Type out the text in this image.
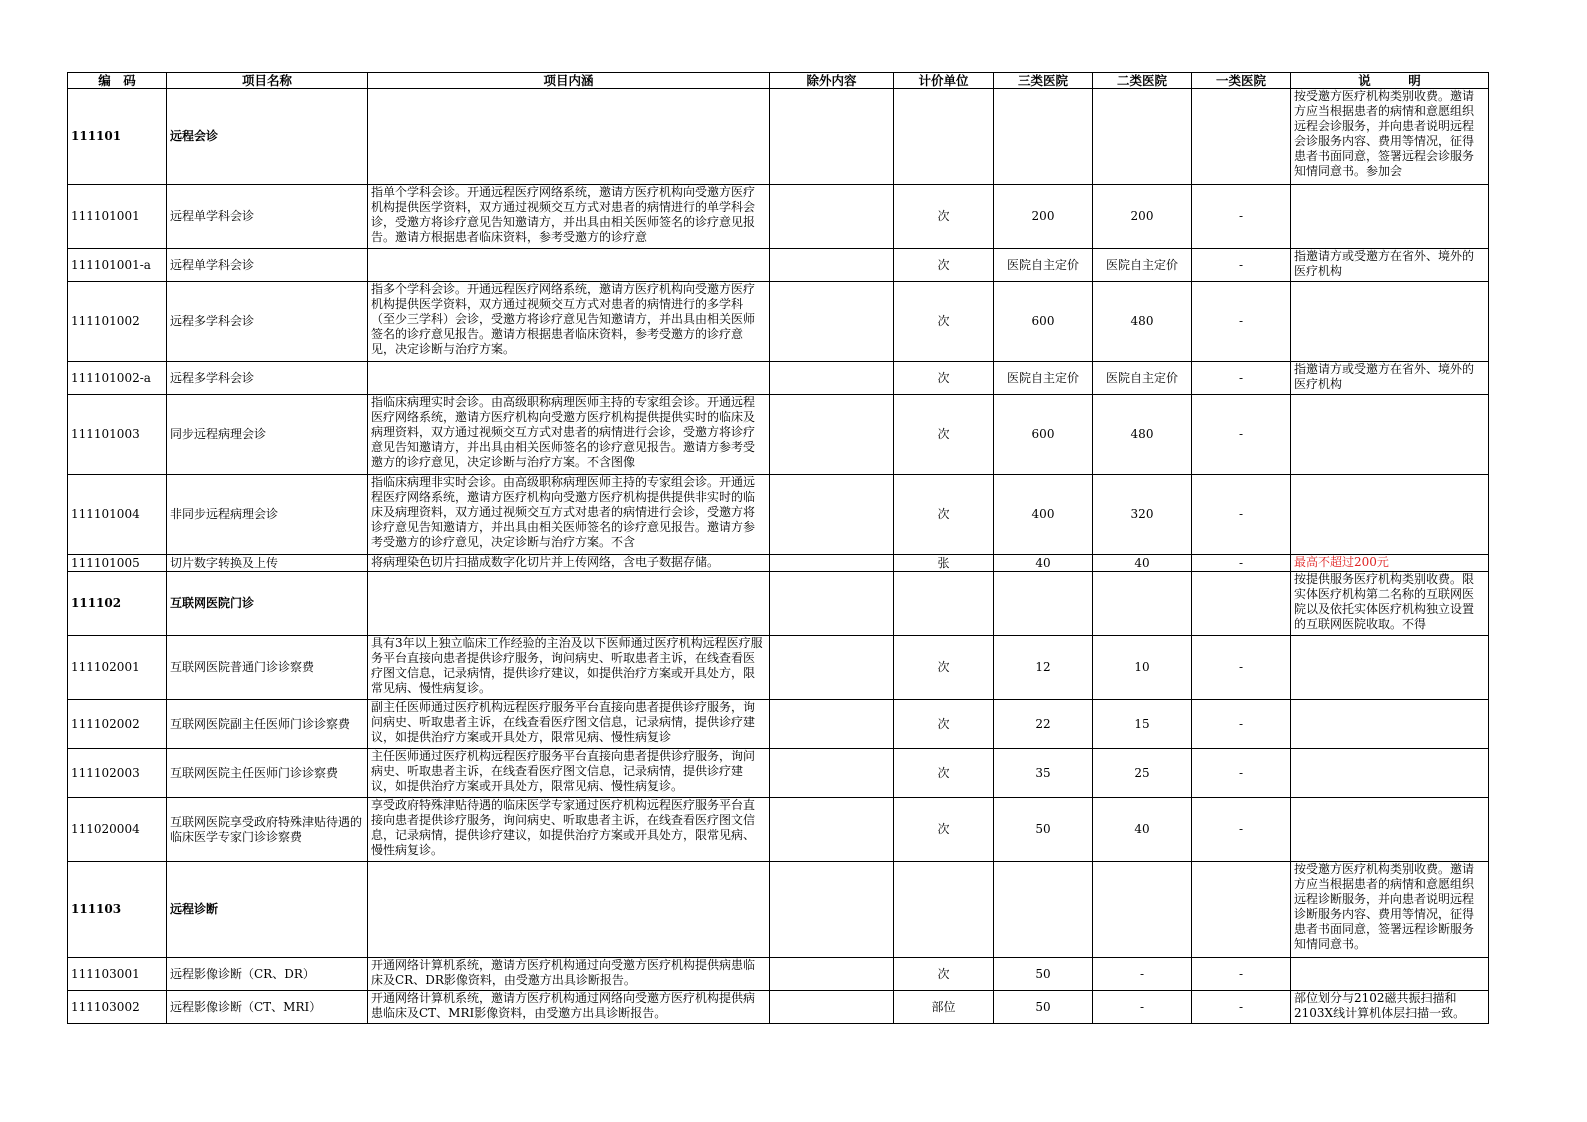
编　码	项目名称	项目内涵	除外内容	计价单位	三类医院	二类医院	一类医院	说　　　明

111101	远程会诊							按受邀方医疗机构类别收费。邀请方应当根据患者的病情和意愿组织远程会诊服务，并向患者说明远程会诊服务内容、费用等情况，征得患者书面同意，签署远程会诊服务知情同意书。参加会

111101001	远程单学科会诊	指单个学科会诊。开通远程医疗网络系统，邀请方医疗机构向受邀方医疗机构提供医学资料，双方通过视频交互方式对患者的病情进行的单学科会诊，受邀方将诊疗意见告知邀请方，并出具由相关医师签名的诊疗意见报告。邀请方根据患者临床资料，参考受邀方的诊疗意		次	200	200	-	

111101001-a	远程单学科会诊			次	医院自主定价	医院自主定价	-	指邀请方或受邀方在省外、境外的医疗机构

111101002	远程多学科会诊	指多个学科会诊。开通远程医疗网络系统，邀请方医疗机构向受邀方医疗机构提供医学资料，双方通过视频交互方式对患者的病情进行的多学科（至少三学科）会诊，受邀方将诊疗意见告知邀请方，并出具由相关医师签名的诊疗意见报告。邀请方根据患者临床资料，参考受邀方的诊疗意见，决定诊断与治疗方案。		次	600	480	-	

111101002-a	远程多学科会诊			次	医院自主定价	医院自主定价	-	指邀请方或受邀方在省外、境外的医疗机构

111101003	同步远程病理会诊	指临床病理实时会诊。由高级职称病理医师主持的专家组会诊。开通远程医疗网络系统，邀请方医疗机构向受邀方医疗机构提供提供实时的临床及病理资料，双方通过视频交互方式对患者的病情进行会诊，受邀方将诊疗意见告知邀请方，并出具由相关医师签名的诊疗意见报告。邀请方参考受邀方的诊疗意见，决定诊断与治疗方案。不含图像		次	600	480	-	

111101004	非同步远程病理会诊	指临床病理非实时会诊。由高级职称病理医师主持的专家组会诊。开通远程医疗网络系统，邀请方医疗机构向受邀方医疗机构提供提供非实时的临床及病理资料，双方通过视频交互方式对患者的病情进行会诊，受邀方将诊疗意见告知邀请方，并出具由相关医师签名的诊疗意见报告。邀请方参考受邀方的诊疗意见，决定诊断与治疗方案。不含		次	400	320	-	

111101005	切片数字转换及上传	将病理染色切片扫描成数字化切片并上传网络，含电子数据存储。		张	40	40	-	最高不超过200元

111102	互联网医院门诊							按提供服务医疗机构类别收费。限实体医疗机构第二名称的互联网医院以及依托实体医疗机构独立设置的互联网医院收取。不得

111102001	互联网医院普通门诊诊察费	具有3年以上独立临床工作经验的主治及以下医师通过医疗机构远程医疗服务平台直接向患者提供诊疗服务，询问病史、听取患者主诉，在线查看医疗图文信息，记录病情，提供诊疗建议，如提供治疗方案或开具处方，限常见病、慢性病复诊。		次	12	10	-	

111102002	互联网医院副主任医师门诊诊察费	副主任医师通过医疗机构远程医疗服务平台直接向患者提供诊疗服务，询问病史、听取患者主诉，在线查看医疗图文信息，记录病情，提供诊疗建议，如提供治疗方案或开具处方，限常见病、慢性病复诊		次	22	15	-	

111102003	互联网医院主任医师门诊诊察费	主任医师通过医疗机构远程医疗服务平台直接向患者提供诊疗服务，询问病史、听取患者主诉，在线查看医疗图文信息，记录病情，提供诊疗建议，如提供治疗方案或开具处方，限常见病、慢性病复诊。		次	35	25	-	

111020004	互联网医院享受政府特殊津贴待遇的临床医学专家门诊诊察费	享受政府特殊津贴待遇的临床医学专家通过医疗机构远程医疗服务平台直接向患者提供诊疗服务，询问病史、听取患者主诉，在线查看医疗图文信息，记录病情，提供诊疗建议，如提供治疗方案或开具处方，限常见病、慢性病复诊。		次	50	40	-	

111103	远程诊断							按受邀方医疗机构类别收费。邀请方应当根据患者的病情和意愿组织远程诊断服务，并向患者说明远程诊断服务内容、费用等情况，征得患者书面同意，签署远程诊断服务知情同意书。

111103001	远程影像诊断（CR、DR）	开通网络计算机系统，邀请方医疗机构通过向受邀方医疗机构提供病患临床及CR、DR影像资料，由受邀方出具诊断报告。		次	50	-	-	

111103002	远程影像诊断（CT、MRI）	开通网络计算机系统，邀请方医疗机构通过网络向受邀方医疗机构提供病患临床及CT、MRI影像资料，由受邀方出具诊断报告。		部位	50	-	-	部位划分与2102磁共振扫描和2103X线计算机体层扫描一致。
